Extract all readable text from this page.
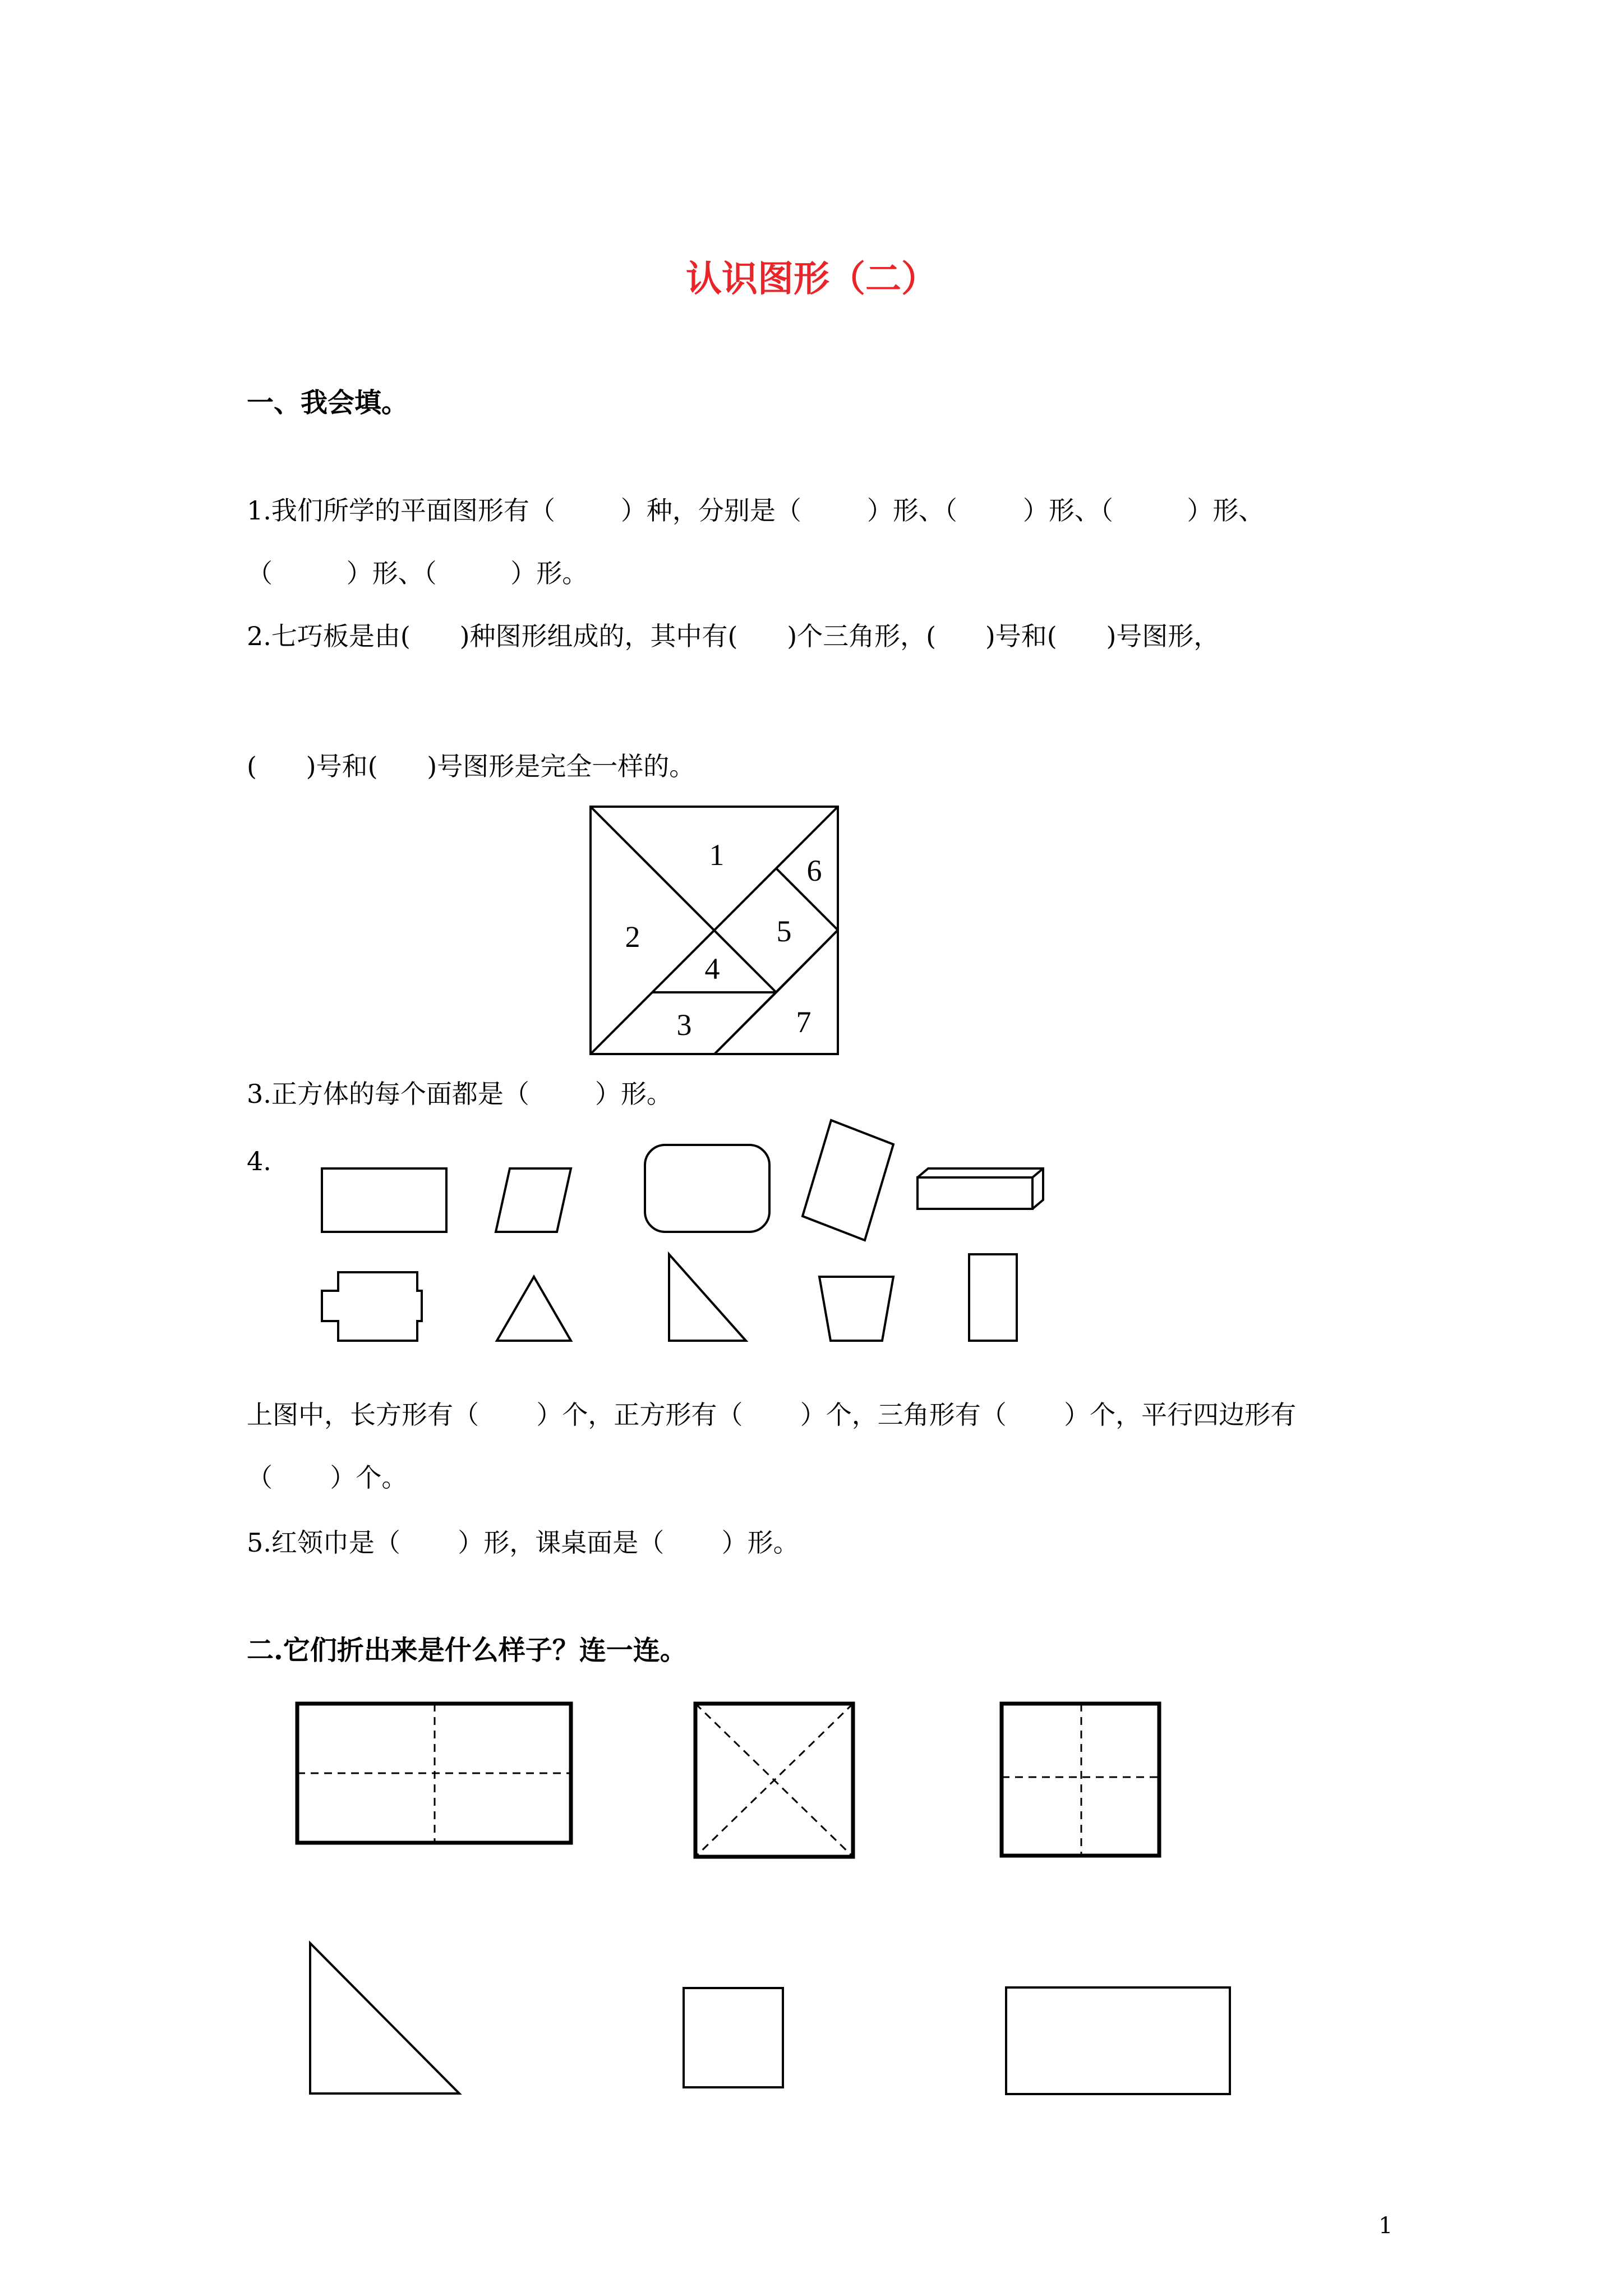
认识图形（二）
一、我会填。
1.我们所学的平面图形有（        ）种，分别是（        ）形、（        ）形、（         ）形、
（         ）形、（         ）形。
2.七巧板是由(      )种图形组成的，其中有(      )个三角形，(      )号和(      )号图形，
(      )号和(      )号图形是完全一样的。
1
2
3
4
5
6
7
3.正方体的每个面都是（        ）形。
4.
上图中，长方形有（       ）个，正方形有（       ）个，三角形有（       ）个，平行四边形有
（       ）个。
5.红领巾是（       ）形，课桌面是（       ）形。
二.它们折出来是什么样子？连一连。
1
